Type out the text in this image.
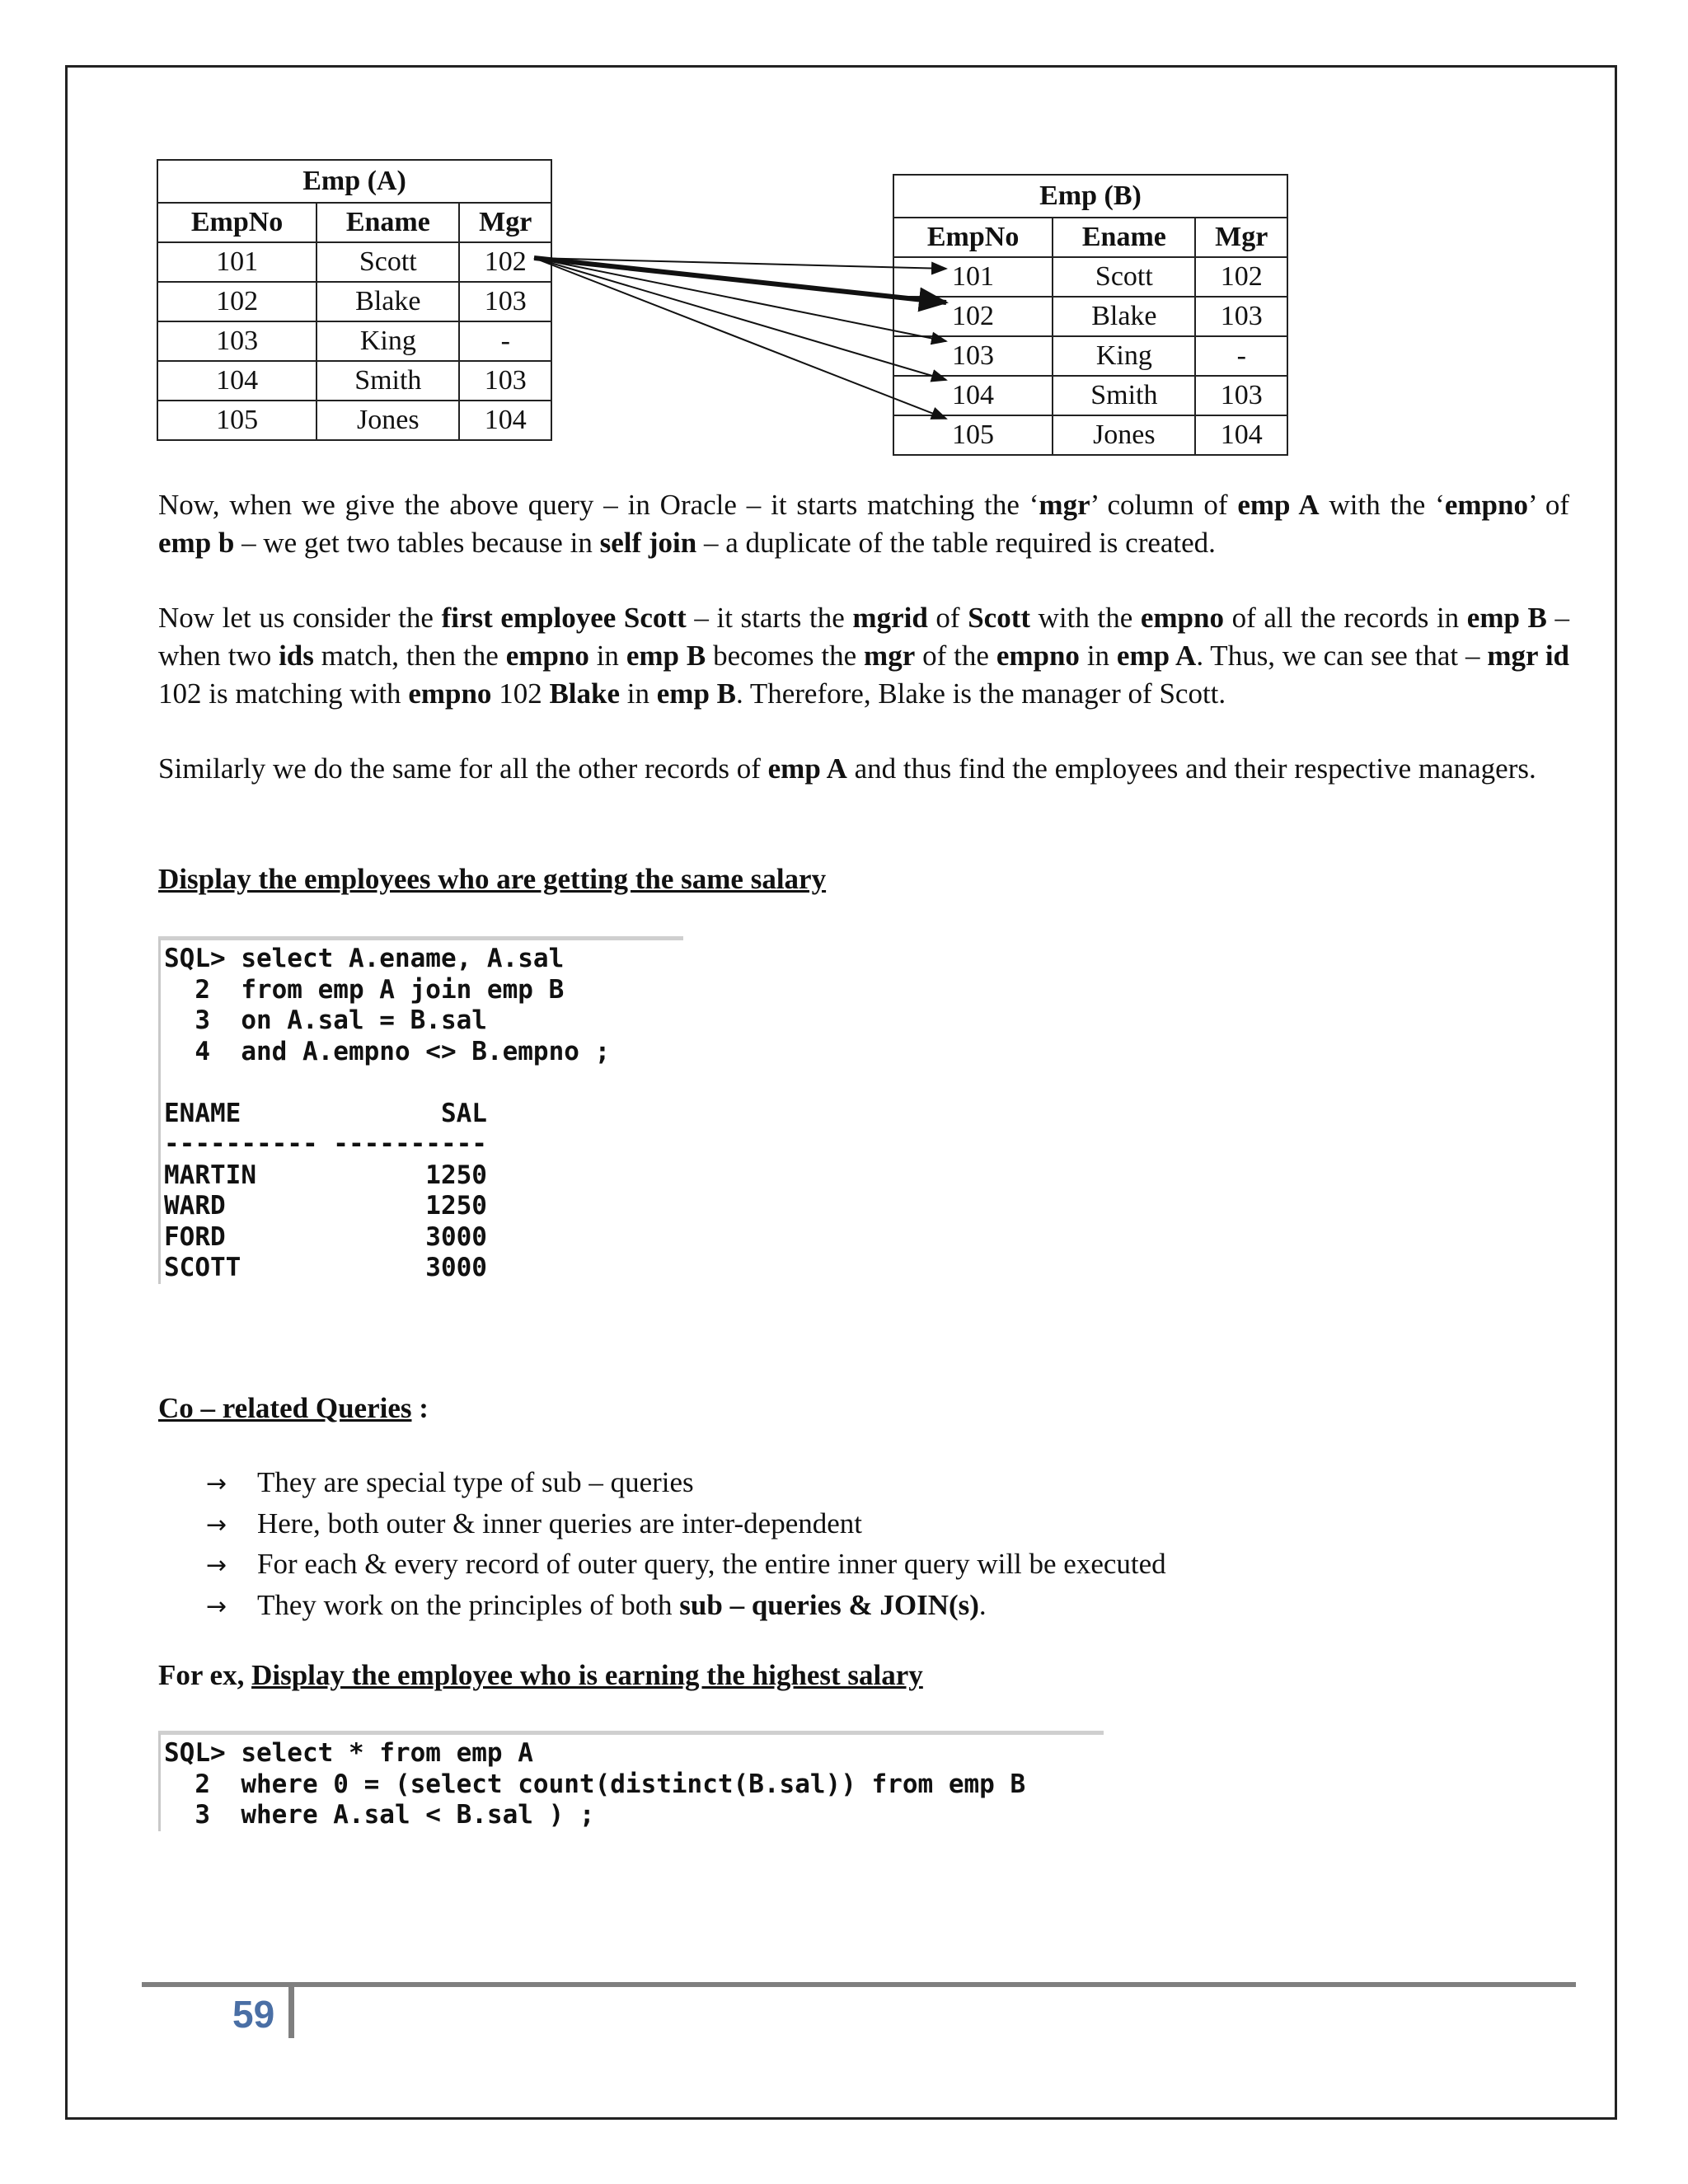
Emp (A)		
EmpNo	Ename	Mgr
101	Scott	102
102	Blake	103
103	King	-
104	Smith	103
105	Jones	104
Emp (B)		
EmpNo	Ename	Mgr
101	Scott	102
102	Blake	103
103	King	-
104	Smith	103
105	Jones	104

Now, when we give the above query – in Oracle – it starts matching the ‘mgr’ column of emp A with the ‘empno’ of emp b – we get two tables because in self join – a duplicate of the table required is created.

Now let us consider the first employee Scott – it starts the mgrid of Scott with the empno of all the records in emp B – when two ids match, then the empno in emp B becomes the mgr of the empno in emp A. Thus, we can see that – mgr id 102 is matching with empno 102 Blake in emp B. Therefore, Blake is the manager of Scott.

Similarly we do the same for all the other records of emp A and thus find the employees and their respective managers.

Display the employees who are getting the same salary

SQL> select A.ename, A.sal
2  from emp A join emp B
3  on A.sal = B.sal
4  and A.empno <> B.empno ;

ENAME             SAL
---------- ----------
MARTIN           1250
WARD             1250
FORD             3000
SCOTT            3000

Co – related Queries :

→ They are special type of sub – queries
→ Here, both outer & inner queries are inter-dependent
→ For each & every record of outer query, the entire inner query will be executed
→ They work on the principles of both sub – queries & JOIN(s).

For ex, Display the employee who is earning the highest salary

SQL> select * from emp A
2  where 0 = (select count(distinct(B.sal)) from emp B
3  where A.sal < B.sal ) ;
59
